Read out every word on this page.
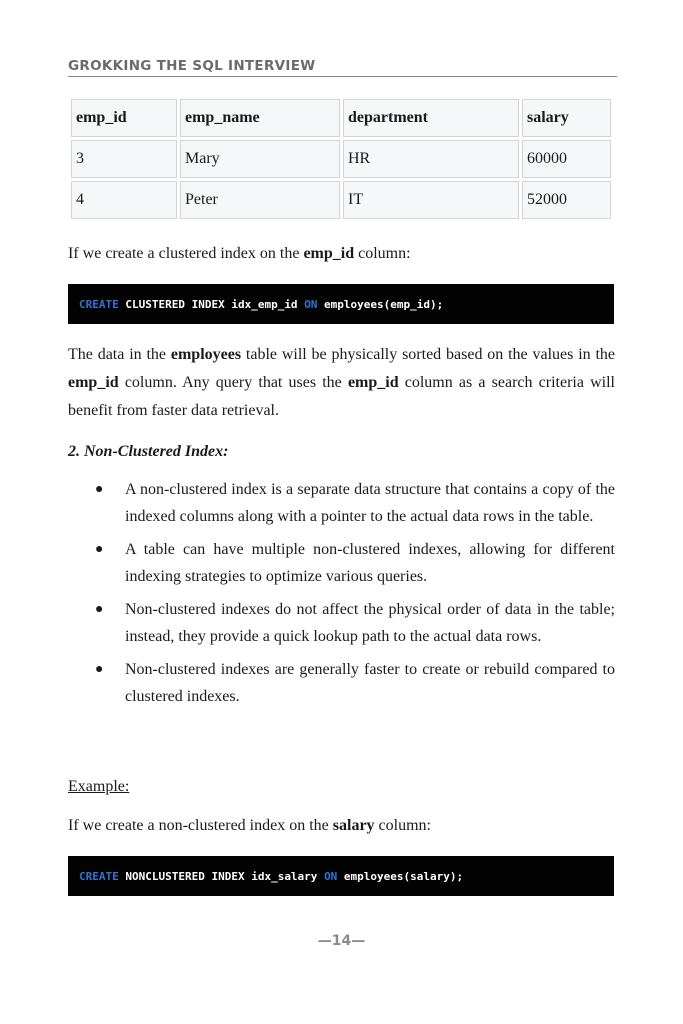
GROKKING THE SQL INTERVIEW
emp_id	emp_name	department	salary
3	Mary	HR	60000
4	Peter	IT	52000

If we create a clustered index on the emp_id column:

CREATE CLUSTERED INDEX idx_emp_id ON employees(emp_id);

The data in the employees table will be physically sorted based on the values in the emp_id column. Any query that uses the emp_id column as a search criteria will benefit from faster data retrieval.

2. Non-Clustered Index:
● A non-clustered index is a separate data structure that contains a copy of the indexed columns along with a pointer to the actual data rows in the table.
● A table can have multiple non-clustered indexes, allowing for different indexing strategies to optimize various queries.
● Non-clustered indexes do not affect the physical order of data in the table; instead, they provide a quick lookup path to the actual data rows.
● Non-clustered indexes are generally faster to create or rebuild compared to clustered indexes.
Example:

If we create a non-clustered index on the salary column:

CREATE NONCLUSTERED INDEX idx_salary ON employees(salary);
—14—
